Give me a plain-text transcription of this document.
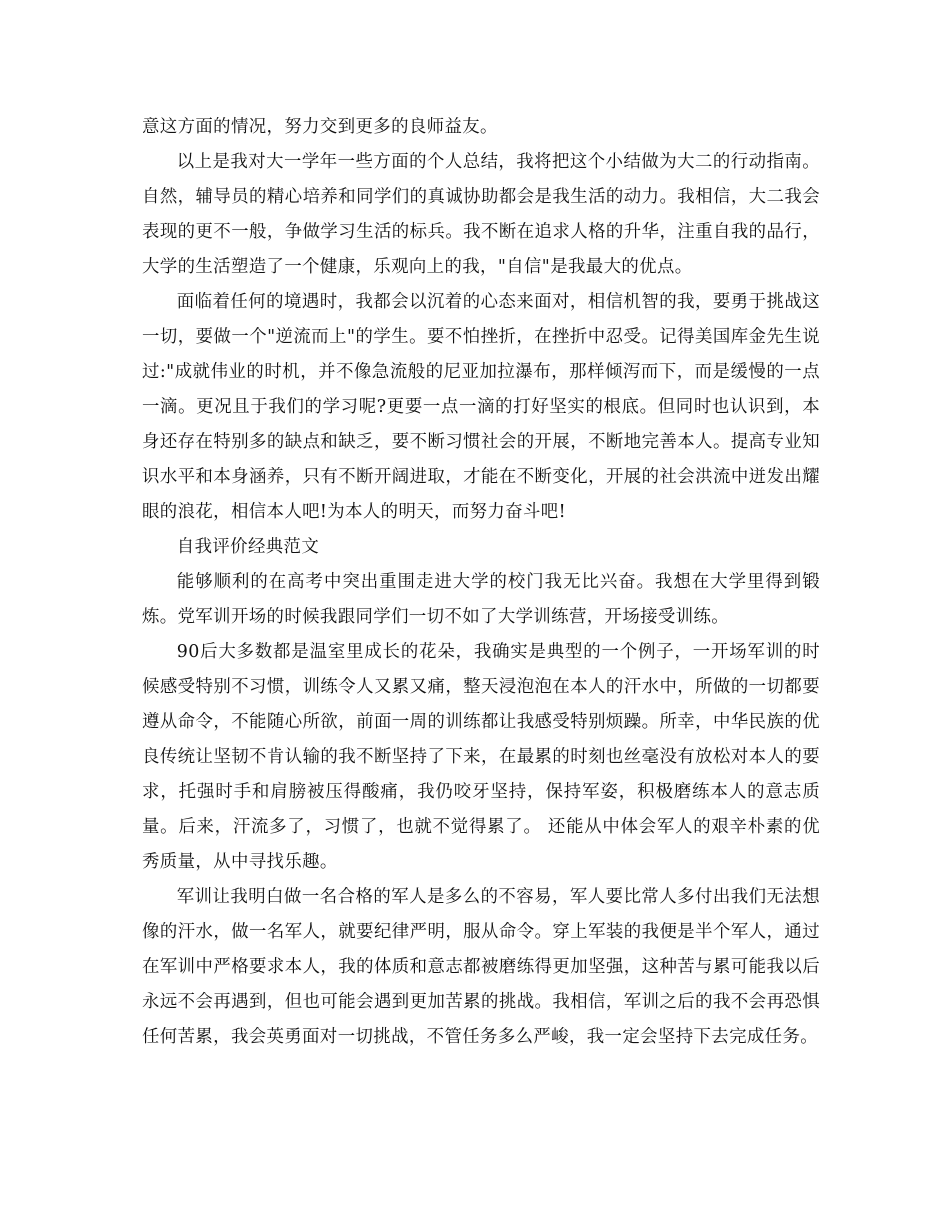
意这方面的情况，努力交到更多的良师益友。

以上是我对大一学年一些方面的个人总结，我将把这个小结做为大二的行动指南。自然，辅导员的精心培养和同学们的真诚协助都会是我生活的动力。我相信，大二我会表现的更不一般，争做学习生活的标兵。我不断在追求人格的升华，注重自我的品行，大学的生活塑造了一个健康，乐观向上的我，"自信"是我最大的优点。

面临着任何的境遇时，我都会以沉着的心态来面对，相信机智的我，要勇于挑战这一切，要做一个"逆流而上"的学生。要不怕挫折，在挫折中忍受。记得美国库金先生说过:"成就伟业的时机，并不像急流般的尼亚加拉瀑布，那样倾泻而下，而是缓慢的一点一滴。更况且于我们的学习呢?更要一点一滴的打好坚实的根底。但同时也认识到，本身还存在特别多的缺点和缺乏，要不断习惯社会的开展，不断地完善本人。提高专业知识水平和本身涵养，只有不断开阔进取，才能在不断变化，开展的社会洪流中迸发出耀眼的浪花，相信本人吧!为本人的明天，而努力奋斗吧!

自我评价经典范文

能够顺利的在高考中突出重围走进大学的校门我无比兴奋。我想在大学里得到锻炼。党军训开场的时候我跟同学们一切不如了大学训练营，开场接受训练。

90后大多数都是温室里成长的花朵，我确实是典型的一个例子，一开场军训的时候感受特别不习惯，训练令人又累又痛，整天浸泡泡在本人的汗水中，所做的一切都要遵从命令，不能随心所欲，前面一周的训练都让我感受特别烦躁。所幸，中华民族的优良传统让坚韧不肯认输的我不断坚持了下来，在最累的时刻也丝毫没有放松对本人的要求，托强时手和肩膀被压得酸痛，我仍咬牙坚持，保持军姿，积极磨练本人的意志质量。后来，汗流多了，习惯了，也就不觉得累了。 还能从中体会军人的艰辛朴素的优秀质量，从中寻找乐趣。

军训让我明白做一名合格的军人是多么的不容易，军人要比常人多付出我们无法想像的汗水，做一名军人，就要纪律严明，服从命令。穿上军装的我便是半个军人，通过在军训中严格要求本人，我的体质和意志都被磨练得更加坚强，这种苦与累可能我以后永远不会再遇到，但也可能会遇到更加苦累的挑战。我相信，军训之后的我不会再恐惧任何苦累，我会英勇面对一切挑战，不管任务多么严峻，我一定会坚持下去完成任务。
